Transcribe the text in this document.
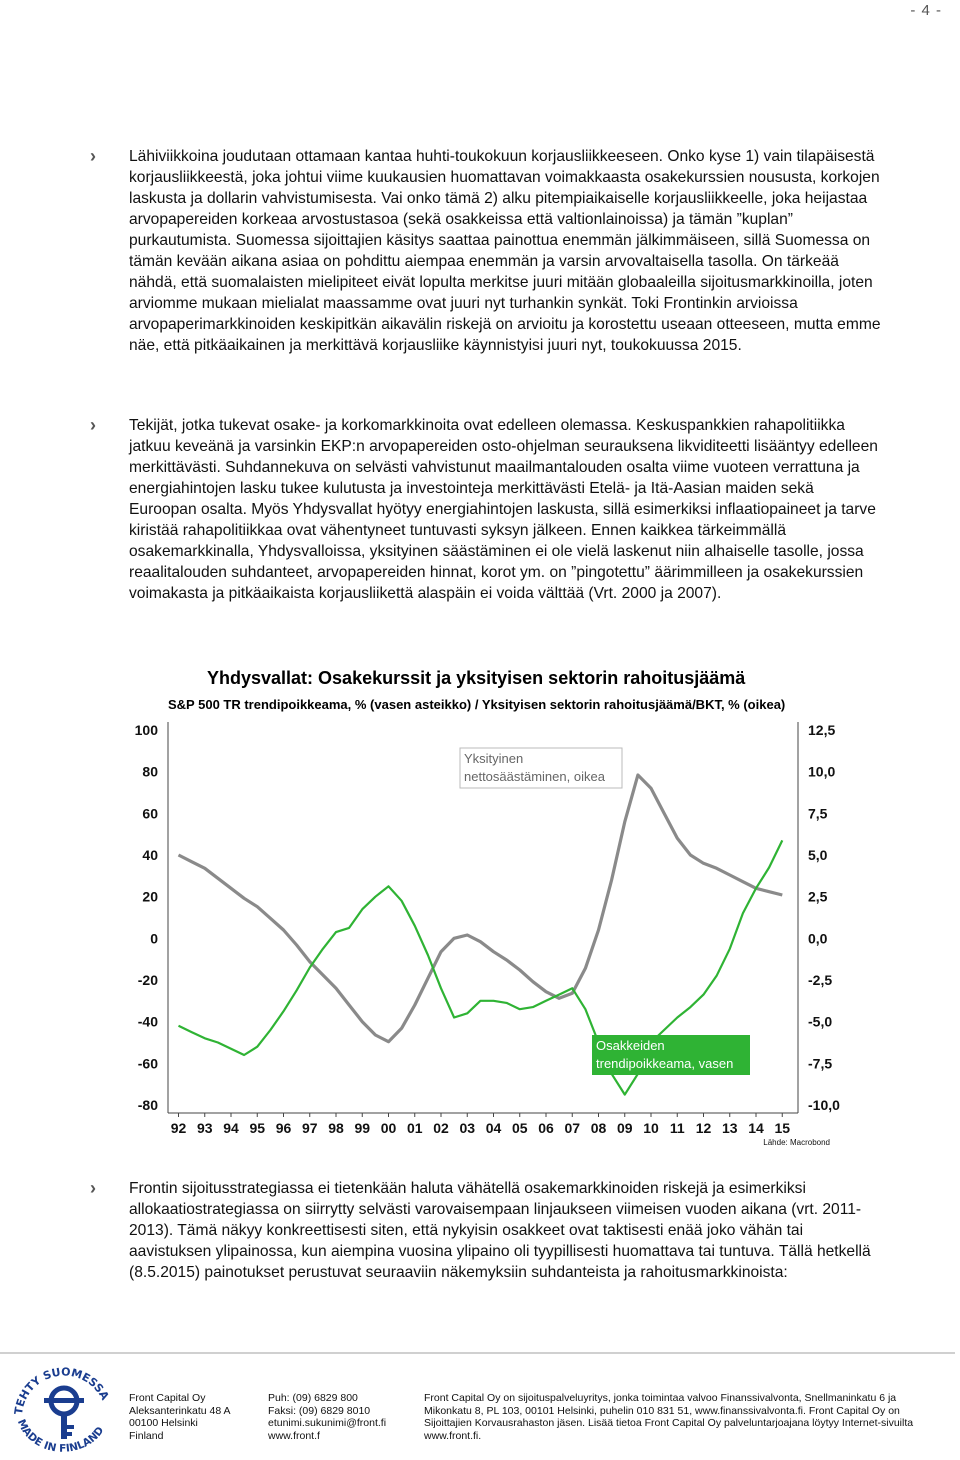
- 4 -
› Lähiviikkoina joudutaan ottamaan kantaa huhti-toukokuun korjausliikkeeseen. Onko kyse 1) vain tilapäisestä korjausliikkeestä, joka johtui viime kuukausien huomattavan voimakkaasta osakekurssien noususta, korkojen laskusta ja dollarin vahvistumisesta. Vai onko tämä 2) alku pitempiaikaiselle korjausliikkeelle, joka heijastaa arvopapereiden korkeaa arvostustasoa (sekä osakkeissa että valtionlainoissa) ja tämän ”kuplan” purkautumista. Suomessa sijoittajien käsitys saattaa painottua enemmän jälkimmäiseen, sillä Suomessa on tämän kevään aikana asiaa on pohdittu aiempaa enemmän ja varsin arvovaltaisella tasolla. On tärkeää nähdä, että suomalaisten mielipiteet eivät lopulta merkitse juuri mitään globaaleilla sijoitusmarkkinoilla, joten arviomme mukaan mielialat maassamme ovat juuri nyt turhankin synkät. Toki Frontinkin arvioissa arvopaperimarkkinoiden keskipitkän aikavälin riskejä on arvioitu ja korostettu useaan otteeseen, mutta emme näe, että pitkäaikainen ja merkittävä korjausliike käynnistyisi juuri nyt, toukokuussa 2015.
› Tekijät, jotka tukevat osake- ja korkomarkkinoita ovat edelleen olemassa. Keskuspankkien rahapolitiikka jatkuu keveänä ja varsinkin EKP:n arvopapereiden osto-ohjelman seurauksena likviditeetti lisääntyy edelleen merkittävästi. Suhdannekuva on selvästi vahvistunut maailmantalouden osalta viime vuoteen verrattuna ja energiahintojen lasku tukee kulutusta ja investointeja merkittävästi Etelä- ja Itä-Aasian maiden sekä Euroopan osalta. Myös Yhdysvallat hyötyy energiahintojen laskusta, sillä esimerkiksi inflaatiopaineet ja tarve kiristää rahapolitiikkaa ovat vähentyneet tuntuvasti syksyn jälkeen. Ennen kaikkea tärkeimmällä osakemarkkinalla, Yhdysvalloissa, yksityinen säästäminen ei ole vielä laskenut niin alhaiselle tasolle, jossa reaalitalouden suhdanteet, arvopapereiden hinnat, korot ym. on ”pingotettu” äärimmilleen ja osakekurssien voimakasta ja pitkäaikaista korjausliikettä alaspäin ei voida välttää (Vrt. 2000 ja 2007).
Yhdysvallat: Osakekurssit ja yksityisen sektorin rahoitusjäämä
S&P 500 TR trendipoikkeama, % (vasen asteikko) / Yksityisen sektorin rahoitusjäämä/BKT, % (oikea)
100
80
60
40
20
0
-20
-40
-60
-80
12,5
10,0
7,5
5,0
2,5
0,0
-2,5
-5,0
-7,5
-10,0
92 93 94 95 96 97 98 99 00 01 02 03 04 05 06 07 08 09 10 11 12 13 14 15
Lähde: Macrobond
Yksityinen
nettosäästäminen, oikea
Osakkeiden
trendipoikkeama, vasen
› Frontin sijoitusstrategiassa ei tietenkään haluta vähätellä osakemarkkinoiden riskejä ja esimerkiksi allokaatiostrategiassa on siirrytty selvästi varovaisempaan linjaukseen viimeisen vuoden aikana (vrt. 2011-2013). Tämä näkyy konkreettisesti siten, että nykyisin osakkeet ovat taktisesti enää joko vähän tai aavistuksen ylipainossa, kun aiempina vuosina ylipaino oli tyypillisesti huomattava tai tuntuva. Tällä hetkellä (8.5.2015) painotukset perustuvat seuraaviin näkemyksiin suhdanteista ja rahoitusmarkkinoista:
TEHTY SUOMESSA
MADE IN FINLAND
Front Capital Oy
Aleksanterinkatu 48 A
00100 Helsinki
Finland
Puh: (09) 6829 800
Faksi: (09) 6829 8010
etunimi.sukunimi@front.fi
www.front.f
Front Capital Oy on sijoituspalveluyritys, jonka toimintaa valvoo Finanssivalvonta, Snellmaninkatu 6 ja
Mikonkatu 8, PL 103, 00101 Helsinki, puhelin 010 831 51, www.finanssivalvonta.fi. Front Capital Oy on
Sijoittajien Korvausrahaston jäsen. Lisää tietoa Front Capital Oy palveluntarjoajana löytyy Internet-sivuilta
www.front.fi.
